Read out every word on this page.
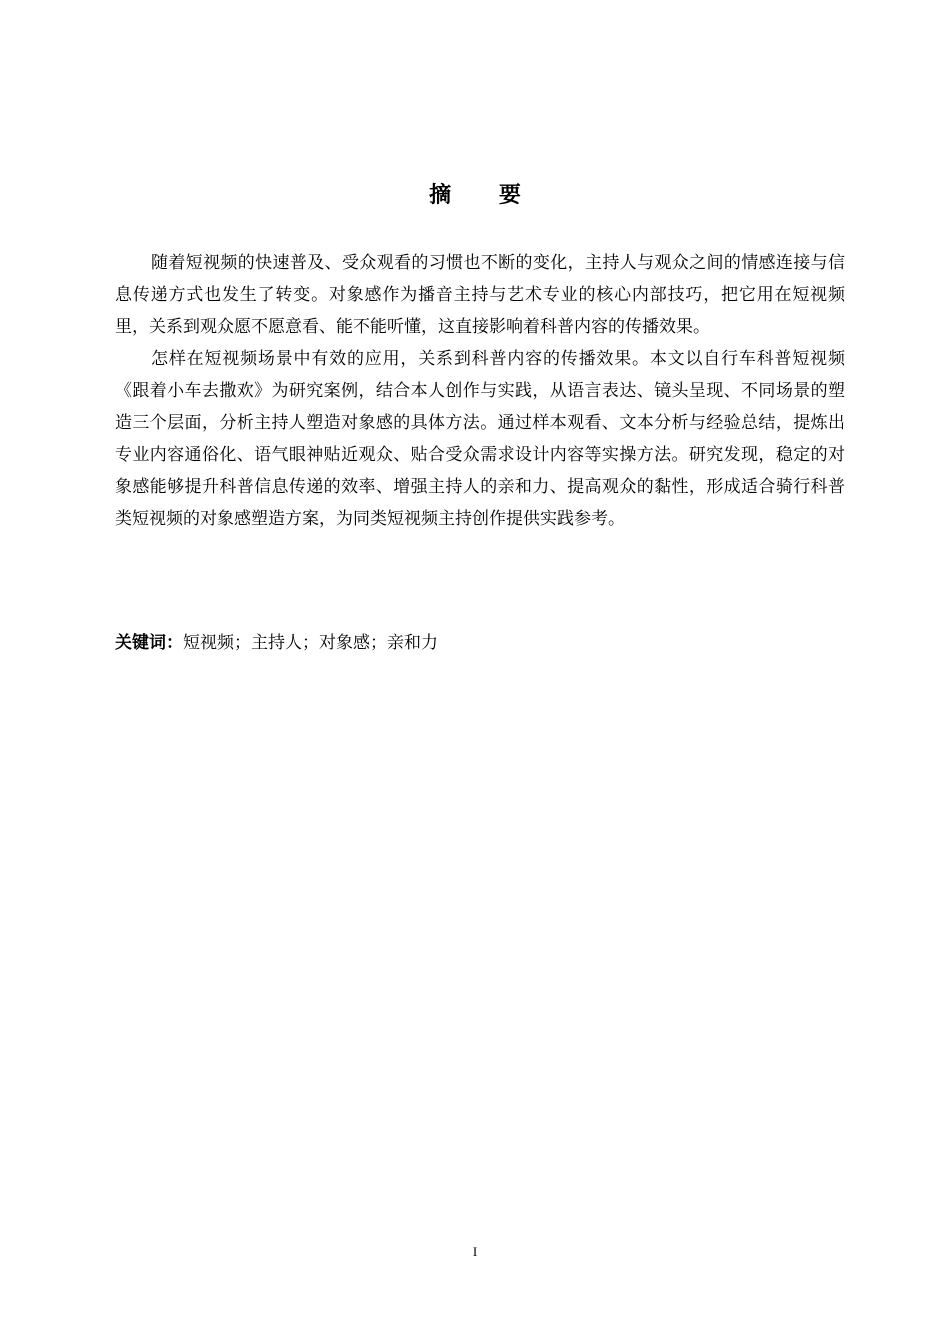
摘 要

随着短视频的快速普及、受众观看的习惯也不断的变化，主持人与观众之间的情感连接与信息传递方式也发生了转变。对象感作为播音主持与艺术专业的核心内部技巧，把它用在短视频里，关系到观众愿不愿意看、能不能听懂，这直接影响着科普内容的传播效果。

怎样在短视频场景中有效的应用，关系到科普内容的传播效果。本文以自行车科普短视频《跟着小车去撒欢》为研究案例，结合本人创作与实践，从语言表达、镜头呈现、不同场景的塑造三个层面，分析主持人塑造对象感的具体方法。通过样本观看、文本分析与经验总结，提炼出专业内容通俗化、语气眼神贴近观众、贴合受众需求设计内容等实操方法。研究发现，稳定的对象感能够提升科普信息传递的效率、增强主持人的亲和力、提高观众的黏性，形成适合骑行科普类短视频的对象感塑造方案，为同类短视频主持创作提供实践参考。

关键词：短视频；主持人；对象感；亲和力
I
